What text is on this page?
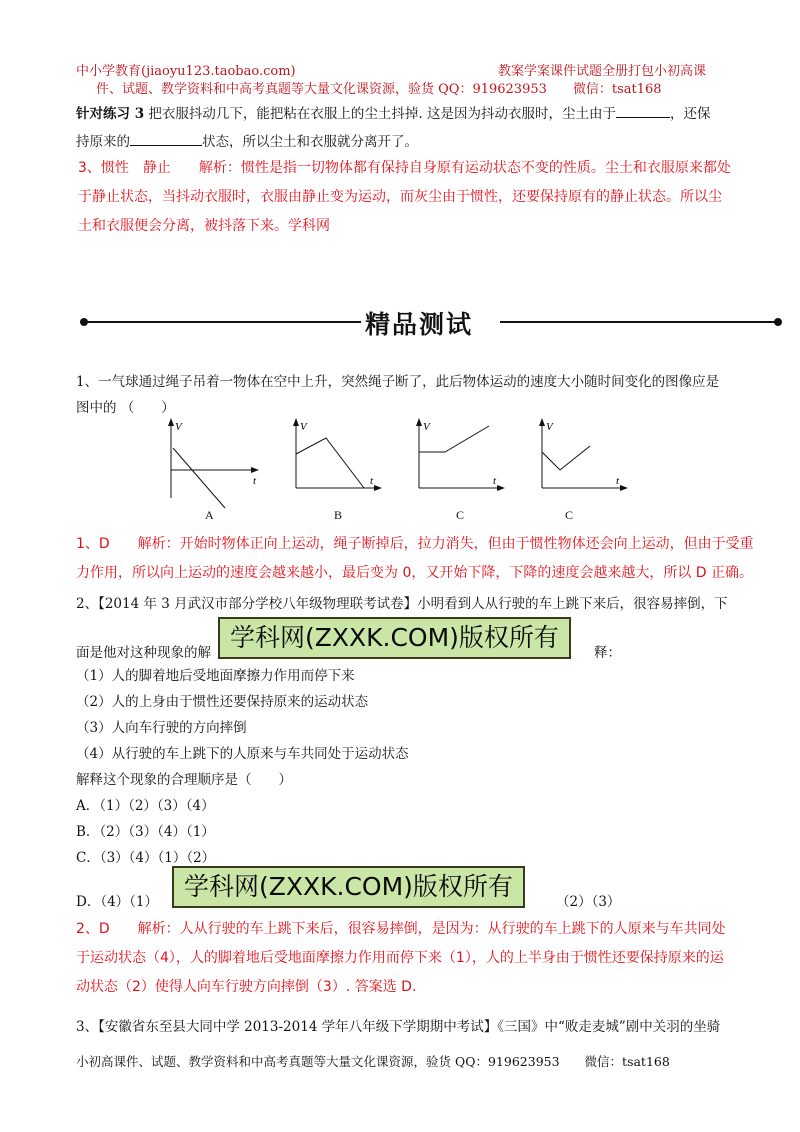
中小学教育(jiaoyu123.taobao.com)	教案学案课件试题全册打包小初高课
件、试题、教学资料和中高考真题等大量文化课资源，验货 QQ：919623953　　微信：tsat168
针对练习 3 把衣服抖动几下，能把粘在衣服上的尘土抖掉. 这是因为抖动衣服时，尘土由于	，还保
持原来的	状态，所以尘土和衣服就分离开了。
3、惯性　静止　　解析：惯性是指一切物体都有保持自身原有运动状态不变的性质。尘土和衣服原来都处
于静止状态，当抖动衣服时，衣服由静止变为运动，而灰尘由于惯性，还要保持原有的静止状态。所以尘
土和衣服便会分离，被抖落下来。学科网
精品测试
1、一气球通过绳子吊着一物体在空中上升，突然绳子断了，此后物体运动的速度大小随时间变化的图像应是
图中的 （　　）
V
t
A
V
t
B
V
t
C
V
t
C
1、D　　解析：开始时物体正向上运动，绳子断掉后，拉力消失，但由于惯性物体还会向上运动，但由于受重
力作用，所以向上运动的速度会越来越小，最后变为 0，又开始下降，下降的速度会越来越大，所以 D 正确。
2、【2014 年 3 月武汉市部分学校八年级物理联考试卷】小明看到人从行驶的车上跳下来后，很容易摔倒，下
面是他对这种现象的解
学科网(ZXXK.COM)版权所有
释：
（1）人的脚着地后受地面摩擦力作用而停下来
（2）人的上身由于惯性还要保持原来的运动状态
（3）人向车行驶的方向摔倒
（4）从行驶的车上跳下的人原来与车共同处于运动状态
解释这个现象的合理顺序是（　　）
A．（1）（2）（3）（4）
B．（2）（3）（4）（1）
C．（3）（4）（1）（2）
D．（4）（1）
学科网(ZXXK.COM)版权所有
（2）（3）
2、D　　解析：人从行驶的车上跳下来后，很容易摔倒，是因为：从行驶的车上跳下的人原来与车共同处
于运动状态（4），人的脚着地后受地面摩擦力作用而停下来（1），人的上半身由于惯性还要保持原来的运
动状态（2）使得人向车行驶方向摔倒（3）. 答案选 D.
3、【安徽省东至县大同中学 2013-2014 学年八年级下学期期中考试】《三国》中“败走麦城”剧中关羽的坐骑
小初高课件、试题、教学资料和中高考真题等大量文化课资源，验货 QQ：919623953　　微信：tsat168
